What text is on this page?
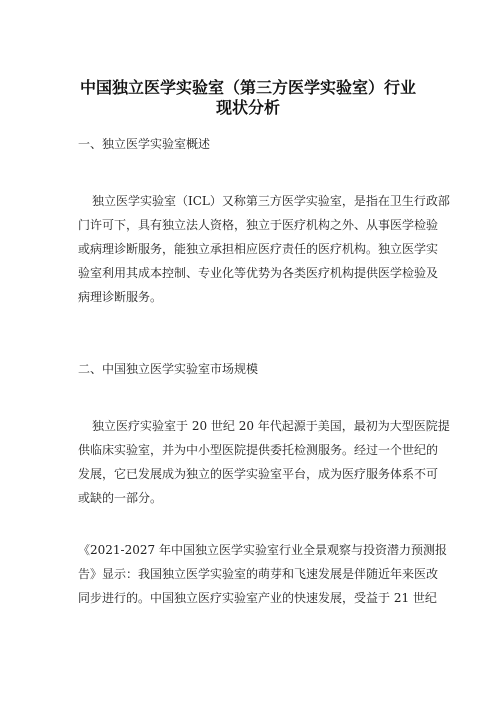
中国独立医学实验室（第三方医学实验室）行业
现状分析
一、独立医学实验室概述
独立医学实验室（ICL）又称第三方医学实验室，是指在卫生行政部
门许可下，具有独立法人资格，独立于医疗机构之外、从事医学检验
或病理诊断服务，能独立承担相应医疗责任的医疗机构。独立医学实
验室利用其成本控制、专业化等优势为各类医疗机构提供医学检验及
病理诊断服务。
二、中国独立医学实验室市场规模
独立医疗实验室于 20 世纪 20 年代起源于美国，最初为大型医院提
供临床实验室，并为中小型医院提供委托检测服务。经过一个世纪的
发展，它已发展成为独立的医学实验室平台，成为医疗服务体系不可
或缺的一部分。
《2021-2027 年中国独立医学实验室行业全景观察与投资潜力预测报
告》显示：我国独立医学实验室的萌芽和飞速发展是伴随近年来医改
同步进行的。中国独立医疗实验室产业的快速发展，受益于 21 世纪
